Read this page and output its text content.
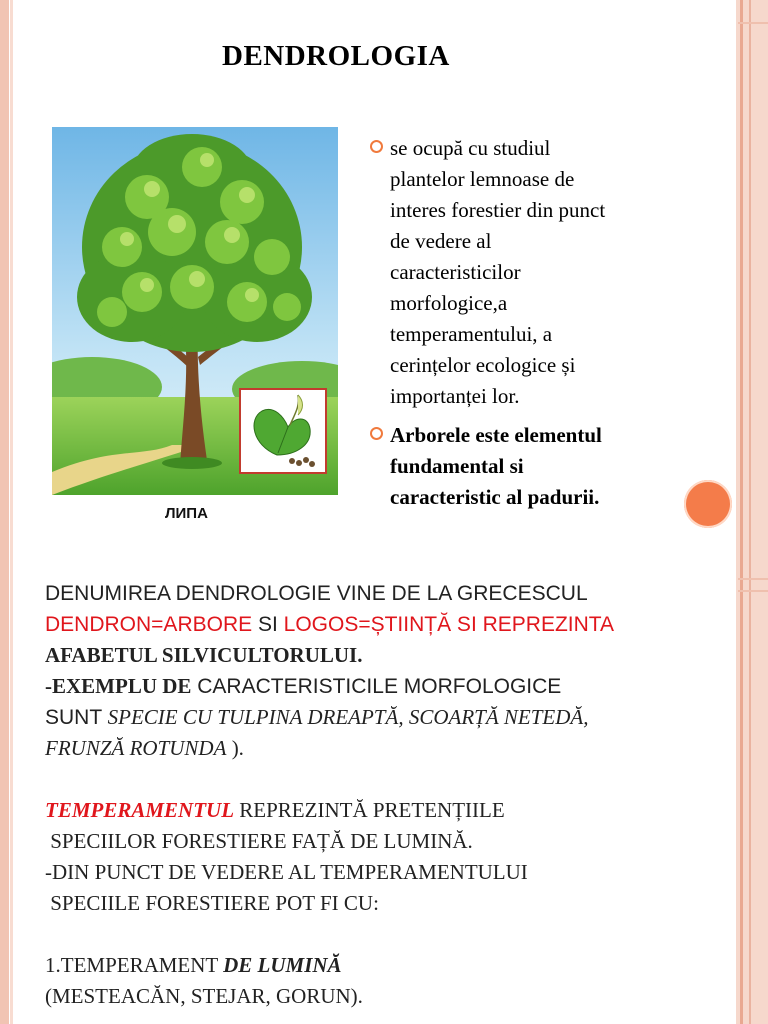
DENDROLOGIA
ЛИПА
se ocupă cu studiul
plantelor lemnoase de
interes forestier din punct
de vedere al
caracteristicilor
morfologice,a
temperamentului, a
cerințelor ecologice și
importanței lor.
Arborele este elementul
fundamental si
caracteristic al padurii.
DENUMIREA DENDROLOGIE VINE DE LA GRECESCUL
DENDRON=ARBORE SI LOGOS=ȘTIINȚĂ SI REPREZINTA
AFABETUL SILVICULTORULUI.
-EXEMPLU DE CARACTERISTICILE MORFOLOGICE
SUNT SPECIE CU TULPINA DREAPTĂ, SCOARȚĂ NETEDĂ,
FRUNZĂ ROTUNDA ).
TEMPERAMENTUL REPREZINTĂ PRETENȚIILE
SPECIILOR FORESTIERE FAȚĂ DE LUMINĂ.
-DIN PUNCT DE VEDERE AL TEMPERAMENTULUI
SPECIILE FORESTIERE POT FI CU:
1.TEMPERAMENT DE LUMINĂ
(MESTEACĂN, STEJAR, GORUN).
